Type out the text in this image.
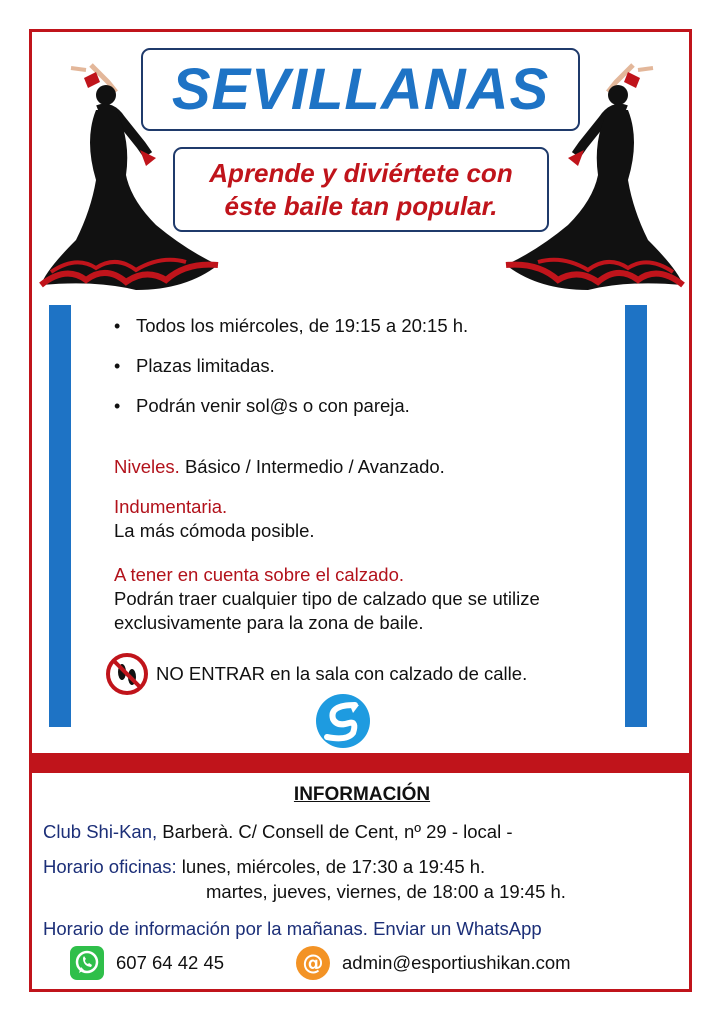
SEVILLANAS
Aprende y diviértete con
éste baile tan popular.
• Todos los miércoles, de 19:15 a 20:15 h.
• Plazas limitadas.
• Podrán venir sol@s o con pareja.
Niveles. Básico / Intermedio / Avanzado.
Indumentaria.
La más cómoda posible.
A tener en cuenta sobre el calzado.
Podrán traer cualquier tipo de calzado que se utilize
exclusivamente para la zona de baile.
NO ENTRAR en la sala con calzado de calle.
INFORMACIÓN
Club Shi-Kan, Barberà. C/ Consell de Cent, nº 29 - local -
Horario oficinas: lunes, miércoles, de 17:30 a 19:45 h.
martes, jueves, viernes, de 18:00 a 19:45 h.
Horario de información por la mañanas. Enviar un WhatsApp
607 64 42 45	@ admin@esportiushikan.com
